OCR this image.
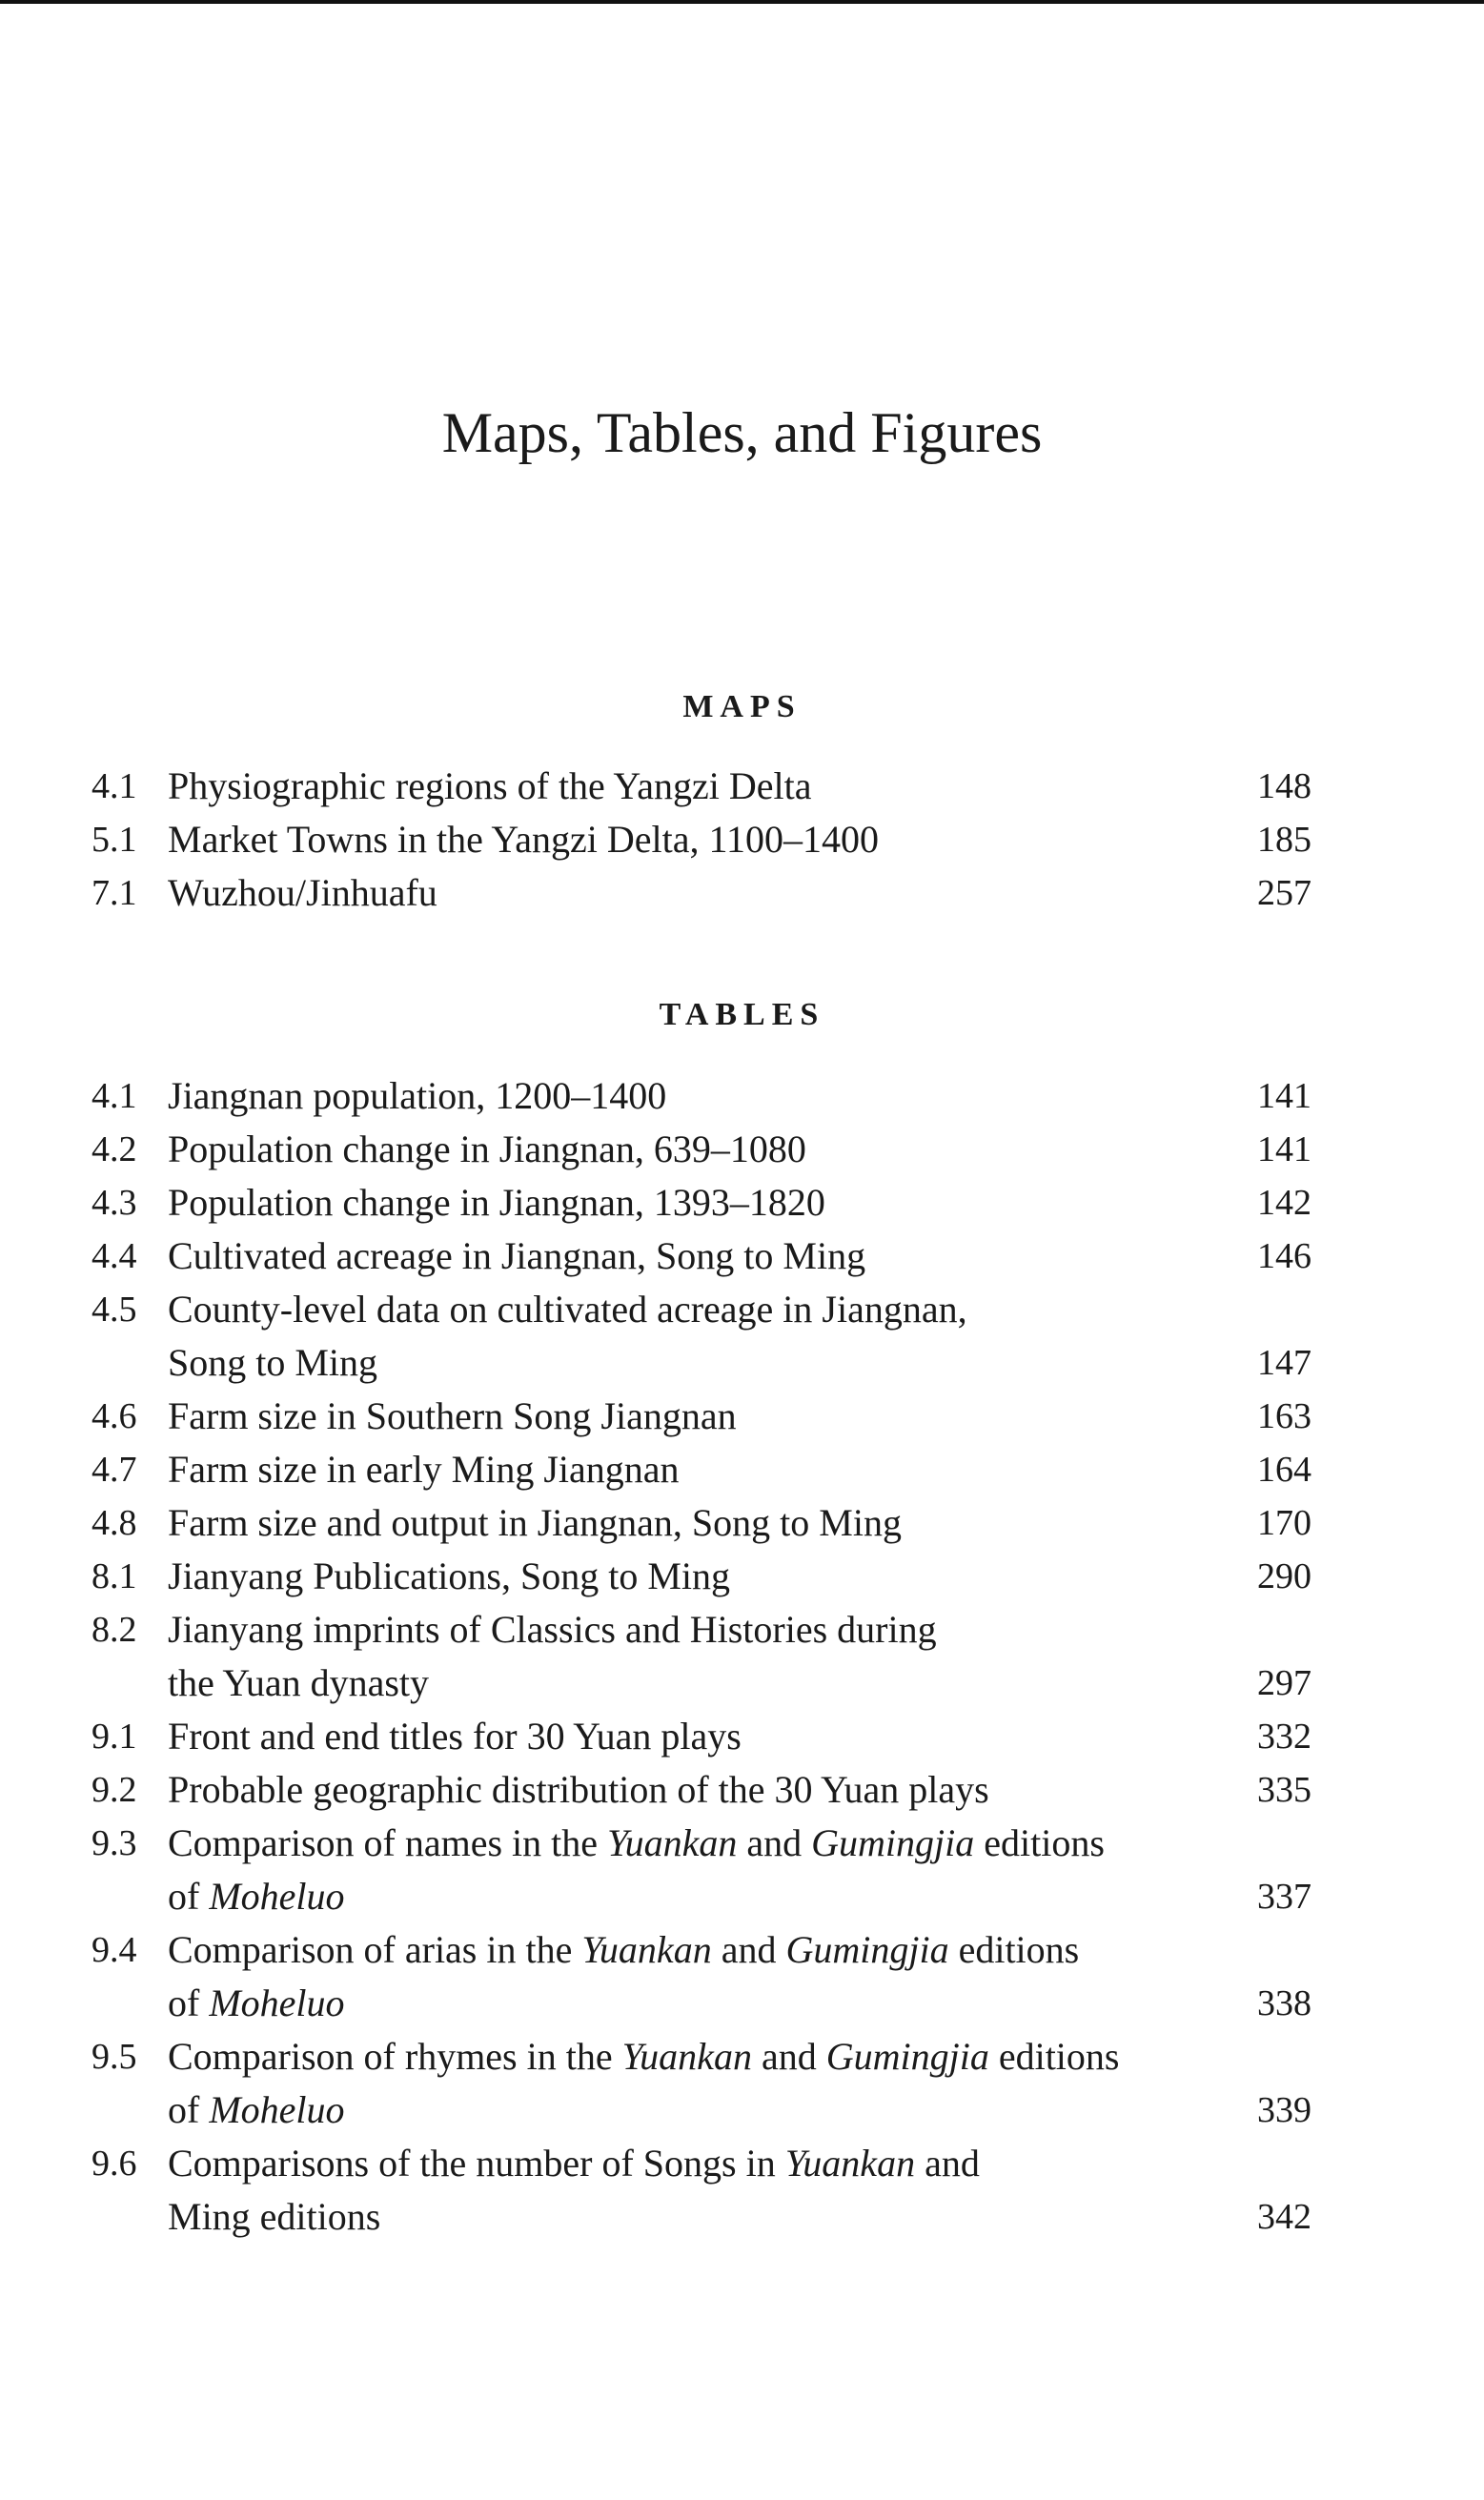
Maps, Tables, and Figures
MAPS
4.1 Physiographic regions of the Yangzi Delta	148
5.1 Market Towns in the Yangzi Delta, 1100–1400	185
7.1 Wuzhou/Jinhuafu	257
TABLES
4.1 Jiangnan population, 1200–1400	141
4.2 Population change in Jiangnan, 639–1080	141
4.3 Population change in Jiangnan, 1393–1820	142
4.4 Cultivated acreage in Jiangnan, Song to Ming	146
4.5 County-level data on cultivated acreage in Jiangnan,
Song to Ming	147
4.6 Farm size in Southern Song Jiangnan	163
4.7 Farm size in early Ming Jiangnan	164
4.8 Farm size and output in Jiangnan, Song to Ming	170
8.1 Jianyang Publications, Song to Ming	290
8.2 Jianyang imprints of Classics and Histories during
the Yuan dynasty	297
9.1 Front and end titles for 30 Yuan plays	332
9.2 Probable geographic distribution of the 30 Yuan plays	335
9.3 Comparison of names in the Yuankan and Gumingjia editions
of Moheluo	337
9.4 Comparison of arias in the Yuankan and Gumingjia editions
of Moheluo	338
9.5 Comparison of rhymes in the Yuankan and Gumingjia editions
of Moheluo	339
9.6 Comparisons of the number of Songs in Yuankan and
Ming editions	342
